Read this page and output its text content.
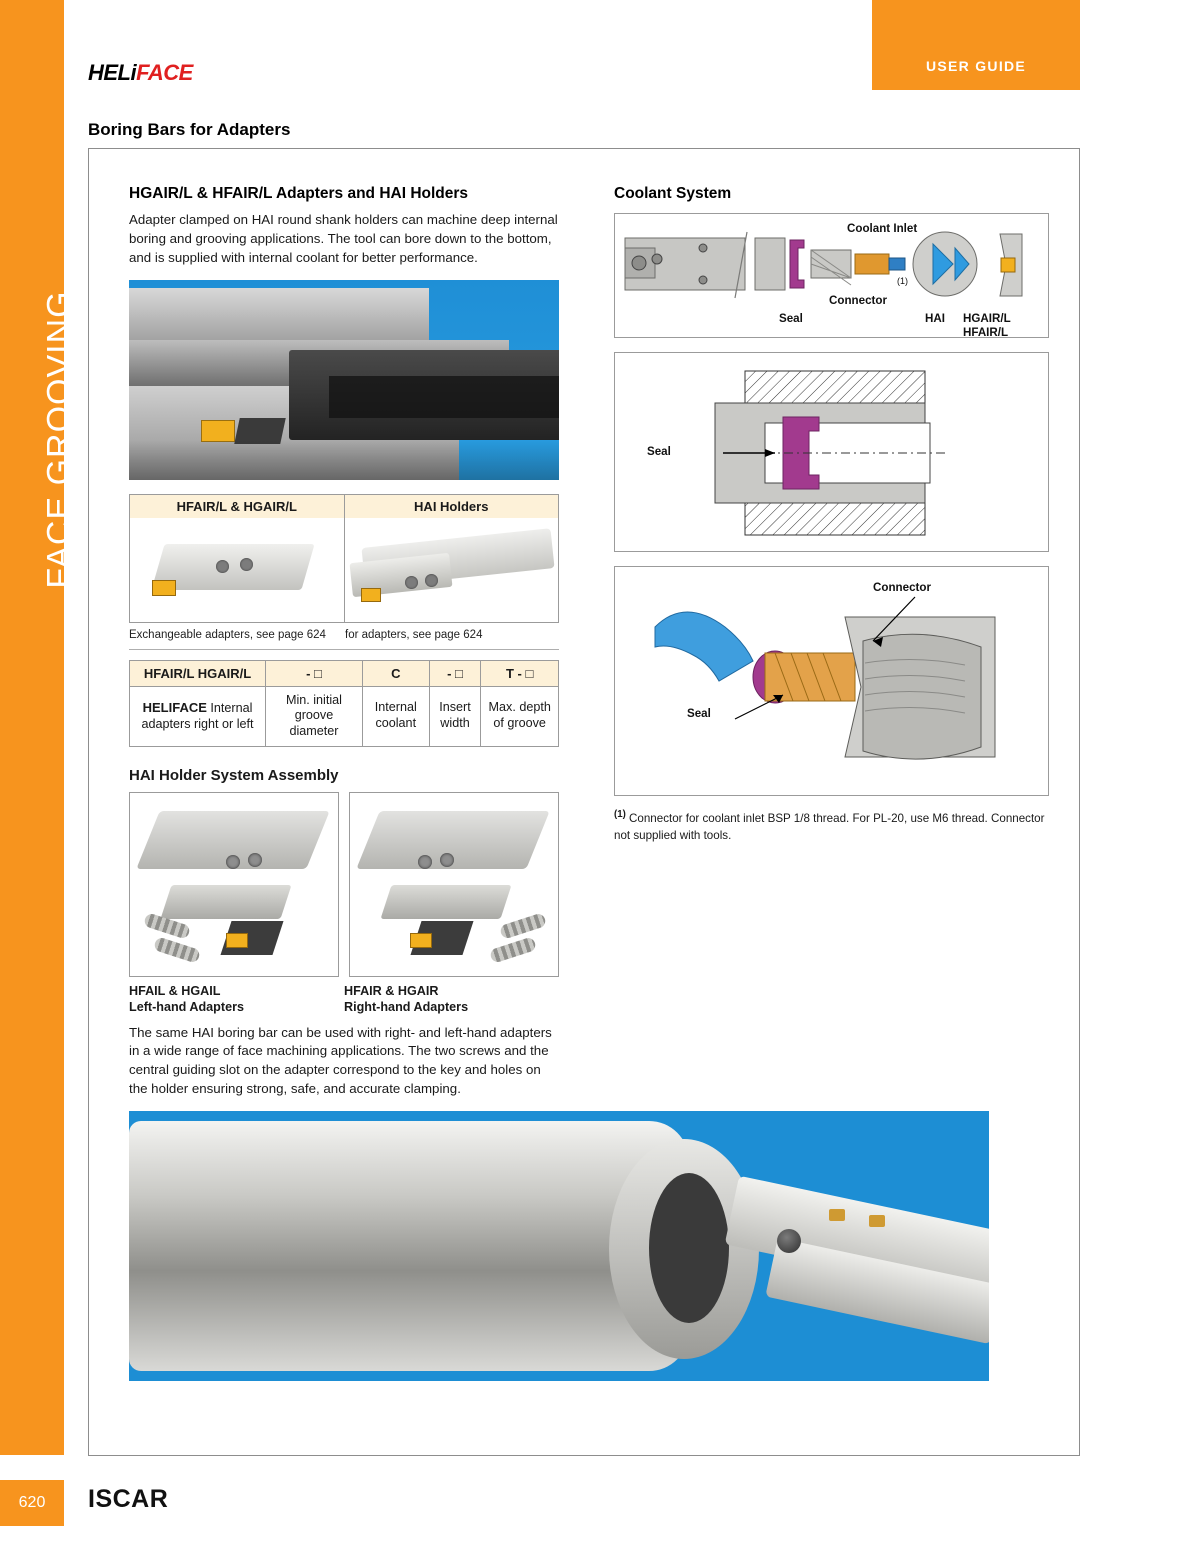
FACE GROOVING
USER GUIDE
HELiFACE
Boring Bars for Adapters
HGAIR/L & HFAIR/L Adapters and HAI Holders

Adapter clamped on HAI round shank holders can machine deep internal boring and grooving applications. The tool can bore down to the bottom, and is supplied with internal coolant for better performance.

HFAIR/L & HGAIR/L	HAI Holders
Exchangeable adapters, see page 624	for adapters, see page 624
HFAIR/L HGAIR/L	- □	C	- □	T - □
HELIFACE Internal adapters right or left	Min. initial groove diameter	Internal coolant	Insert width	Max. depth of groove
HAI Holder System Assembly
HFAIL & HGAIL
Left-hand Adapters
HFAIR & HGAIR
Right-hand Adapters

The same HAI boring bar can be used with right- and left-hand adapters in a wide range of face machining applications. The two screws and the central guiding slot on the adapter correspond to the key and holes on the holder ensuring strong, safe, and accurate clamping.

Coolant System
Coolant Inlet
Connector
Seal	HAI HGAIR/L
HFAIR/L
(1)
Seal
Connector
Seal
$^{(1)}$ Connector for coolant inlet BSP 1/8 thread. For PL-20, use M6 thread. Connector not supplied with tools.
620 ISCAR
